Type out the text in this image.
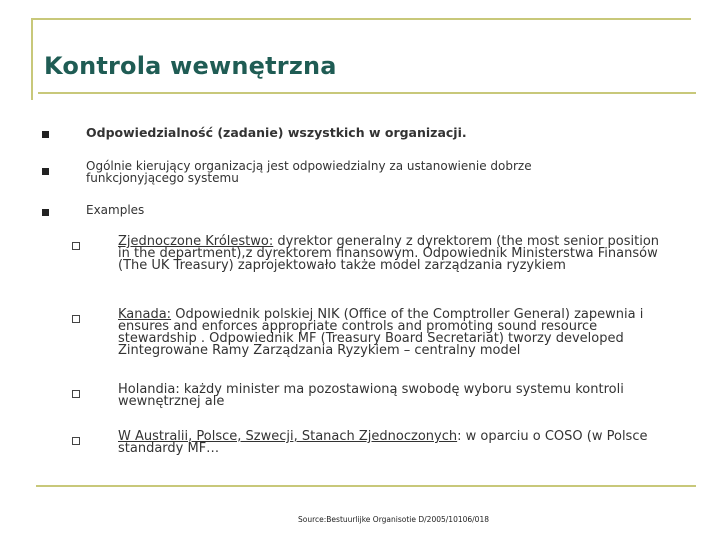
Kontrola wewnętrzna
Odpowiedzialność (zadanie) wszystkich w organizacji.
Ogólnie kierujący organizacją jest odpowiedzialny za ustanowienie dobrze funkcjonyjącego systemu
Examples
Zjednoczone Królestwo: dyrektor generalny z dyrektorem (the most senior position in the department),z dyrektorem finansowym. Odpowiednik Ministerstwa Finansów (The UK Treasury) zaprojektowało także model zarządzania ryzykiem
Kanada: Odpowiednik polskiej NIK (Office of the Comptroller General) zapewnia i ensures and enforces appropriate controls and promoting sound resource stewardship . Odpowiednik MF (Treasury Board Secretariat) tworzy developed Zintegrowane Ramy Zarządzania Ryzykiem – centralny model
Holandia: każdy minister ma pozostawioną swobodę wyboru systemu kontroli wewnętrznej ale
W Australii, Polsce, Szwecji, Stanach Zjednoczonych: w oparciu o COSO (w Polsce standardy MF…
Source:Bestuurlijke Organisotie D/2005/10106/018
